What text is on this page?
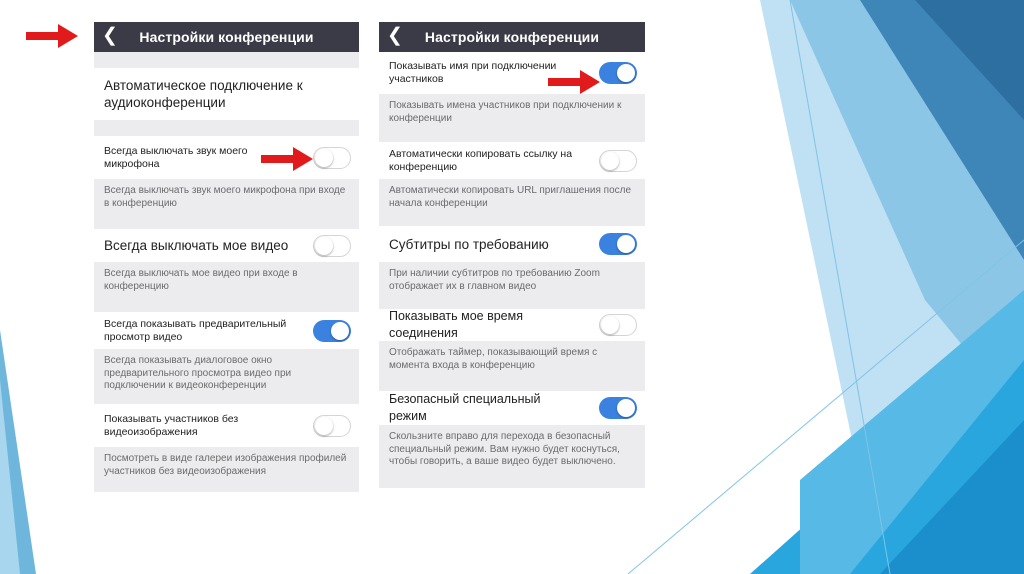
❮	Настройки конференции
Автоматическое подключение к аудиоконференции
Всегда выключать звук моего микрофона
Всегда выключать звук моего микрофона при входе в конференцию
Всегда выключать мое видео
Всегда выключать мое видео при входе в конференцию
Всегда показывать предварительный просмотр видео
Всегда показывать диалоговое окно предварительного просмотра видео при подключении к видеоконференции
Показывать участников без видеоизображения
Посмотреть в виде галереи изображения профилей участников без видеоизображения
❮	Настройки конференции
Показывать имя при подключении участников
Показывать имена участников при подключении к конференции
Автоматически копировать ссылку на конференцию
Автоматически копировать URL приглашения после начала конференции
Субтитры по требованию
При наличии субтитров по требованию Zoom отображает их в главном видео
Показывать мое время соединения
Отображать таймер, показывающий время с момента входа в конференцию
Безопасный специальный режим
Скользните вправо для перехода в безопасный специальный режим. Вам нужно будет коснуться, чтобы говорить, а ваше видео будет выключено.
